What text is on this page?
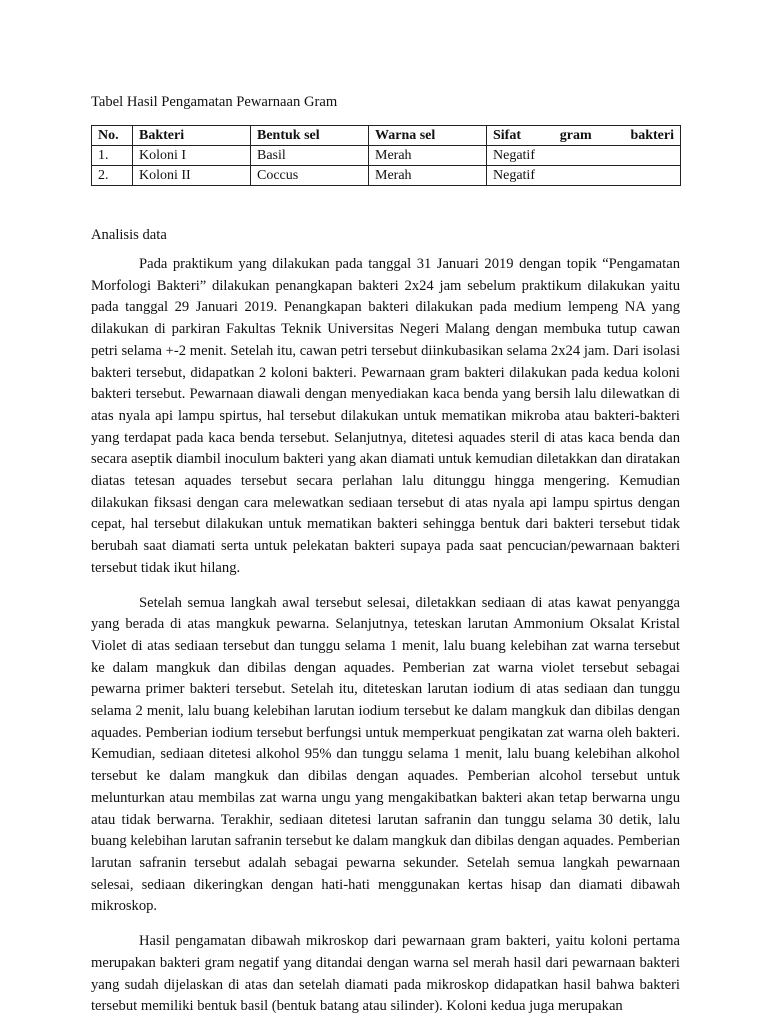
Tabel Hasil Pengamatan Pewarnaan Gram
No.	Bakteri	Bentuk sel	Warna sel	Sifat gram bakteri
1.	Koloni I	Basil	Merah	Negatif
2.	Koloni II	Coccus	Merah	Negatif
Analisis data

Pada praktikum yang dilakukan pada tanggal 31 Januari 2019 dengan topik “Pengamatan Morfologi Bakteri” dilakukan penangkapan bakteri 2x24 jam sebelum praktikum dilakukan yaitu pada tanggal 29 Januari 2019. Penangkapan bakteri dilakukan pada medium lempeng NA yang dilakukan di parkiran Fakultas Teknik Universitas Negeri Malang dengan membuka tutup cawan petri selama +-2 menit. Setelah itu, cawan petri tersebut diinkubasikan selama 2x24 jam. Dari isolasi bakteri tersebut, didapatkan 2 koloni bakteri. Pewarnaan gram bakteri dilakukan pada kedua koloni bakteri tersebut. Pewarnaan diawali dengan menyediakan kaca benda yang bersih lalu dilewatkan di atas nyala api lampu spirtus, hal tersebut dilakukan untuk mematikan mikroba atau bakteri-bakteri yang terdapat pada kaca benda tersebut. Selanjutnya, ditetesi aquades steril di atas kaca benda dan secara aseptik diambil inoculum bakteri yang akan diamati untuk kemudian diletakkan dan diratakan diatas tetesan aquades tersebut secara perlahan lalu ditunggu hingga mengering. Kemudian dilakukan fiksasi dengan cara melewatkan sediaan tersebut di atas nyala api lampu spirtus dengan cepat, hal tersebut dilakukan untuk mematikan bakteri sehingga bentuk dari bakteri tersebut tidak berubah saat diamati serta untuk pelekatan bakteri supaya pada saat pencucian/pewarnaan bakteri tersebut tidak ikut hilang.

Setelah semua langkah awal tersebut selesai, diletakkan sediaan di atas kawat penyangga yang berada di atas mangkuk pewarna. Selanjutnya, teteskan larutan Ammonium Oksalat Kristal Violet di atas sediaan tersebut dan tunggu selama 1 menit, lalu buang kelebihan zat warna tersebut ke dalam mangkuk dan dibilas dengan aquades. Pemberian zat warna violet tersebut sebagai pewarna primer bakteri tersebut. Setelah itu, diteteskan larutan iodium di atas sediaan dan tunggu selama 2 menit, lalu buang kelebihan larutan iodium tersebut ke dalam mangkuk dan dibilas dengan aquades. Pemberian iodium tersebut berfungsi untuk memperkuat pengikatan zat warna oleh bakteri. Kemudian, sediaan ditetesi alkohol 95% dan tunggu selama 1 menit, lalu buang kelebihan alkohol tersebut ke dalam mangkuk dan dibilas dengan aquades. Pemberian alcohol tersebut untuk melunturkan atau membilas zat warna ungu yang mengakibatkan bakteri akan tetap berwarna ungu atau tidak berwarna. Terakhir, sediaan ditetesi larutan safranin dan tunggu selama 30 detik, lalu buang kelebihan larutan safranin tersebut ke dalam mangkuk dan dibilas dengan aquades. Pemberian larutan safranin tersebut adalah sebagai pewarna sekunder. Setelah semua langkah pewarnaan selesai, sediaan dikeringkan dengan hati-hati menggunakan kertas hisap dan diamati dibawah mikroskop.

Hasil pengamatan dibawah mikroskop dari pewarnaan gram bakteri, yaitu koloni pertama merupakan bakteri gram negatif yang ditandai dengan warna sel merah hasil dari pewarnaan bakteri yang sudah dijelaskan di atas dan setelah diamati pada mikroskop didapatkan hasil bahwa bakteri tersebut memiliki bentuk basil (bentuk batang atau silinder). Koloni kedua juga merupakan
